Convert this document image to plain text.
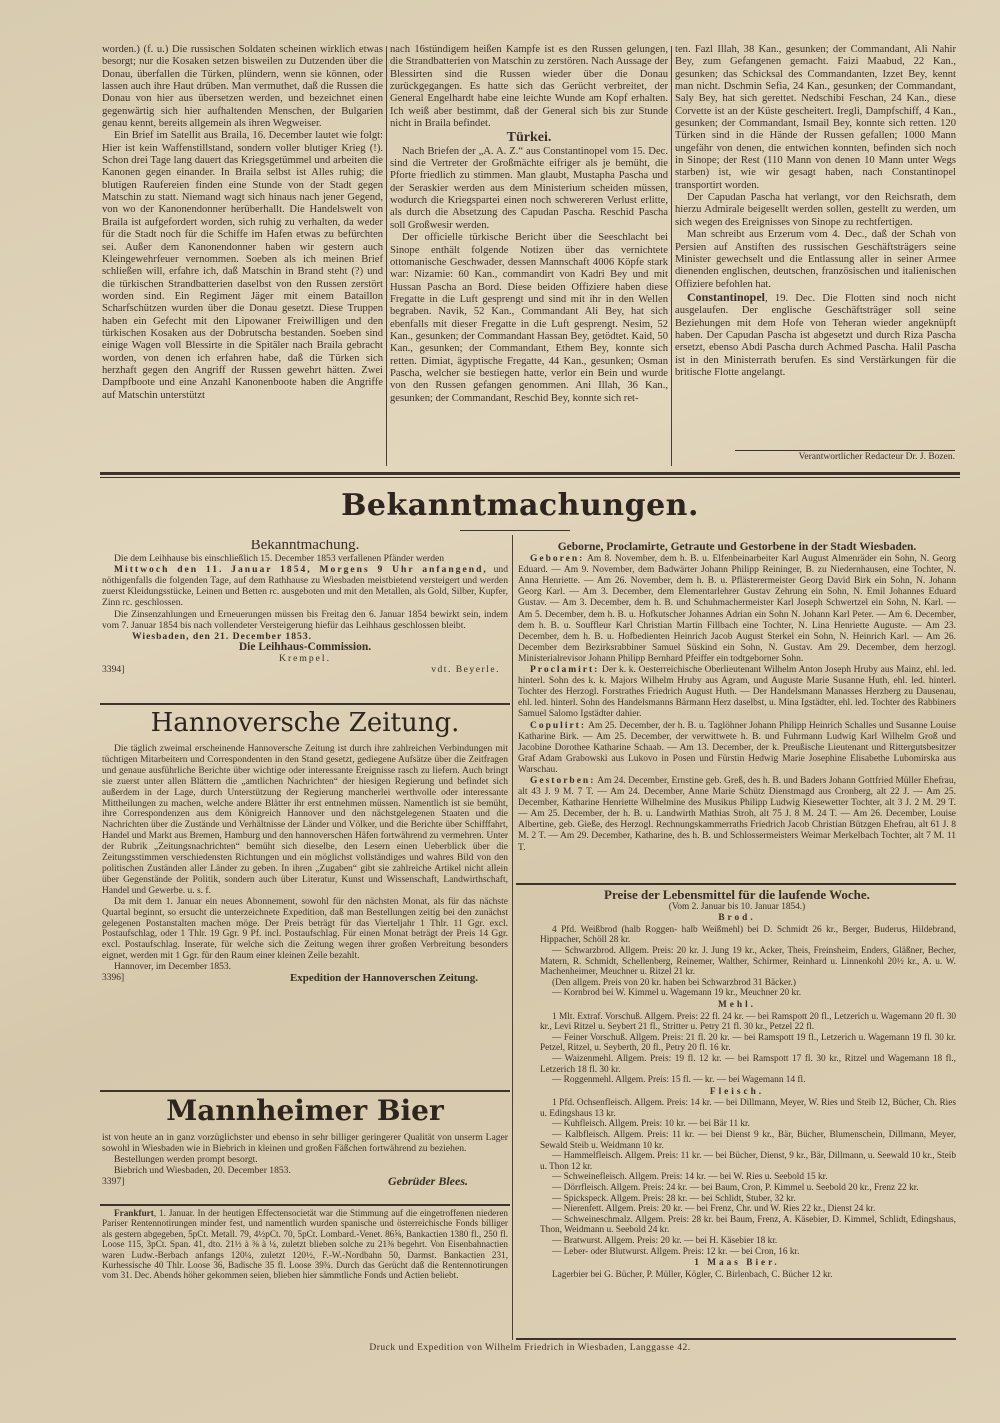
worden.) (f. u.) Die russischen Soldaten scheinen wirklich etwas besorgt; nur die Kosaken setzen bisweilen zu Dutzenden über die Donau, überfallen die Türken, plündern, wenn sie können, oder lassen auch ihre Haut drüben. Man vermuthet, daß die Russen die Donau von hier aus übersetzen werden, und bezeichnet einen gegenwärtig sich hier aufhaltenden Menschen, der Bulgarien genau kennt, bereits allgemein als ihren Wegweiser.

Ein Brief im Satellit aus Braila, 16. December lautet wie folgt: Hier ist kein Waffenstillstand, sondern voller blutiger Krieg (!). Schon drei Tage lang dauert das Kriegsgetümmel und arbeiten die Kanonen gegen einander. In Braila selbst ist Alles ruhig; die blutigen Raufereien finden eine Stunde von der Stadt gegen Matschin zu statt. Niemand wagt sich hinaus nach jener Gegend, von wo der Kanonendonner herüberhallt. Die Handelswelt von Braila ist aufgefordert worden, sich ruhig zu verhalten, da weder für die Stadt noch für die Schiffe im Hafen etwas zu befürchten sei. Außer dem Kanonendonner haben wir gestern auch Kleingewehrfeuer vernommen. Soeben als ich meinen Brief schließen will, erfahre ich, daß Matschin in Brand steht (?) und die türkischen Strandbatterien daselbst von den Russen zerstört worden sind. Ein Regiment Jäger mit einem Bataillon Scharfschützen wurden über die Donau gesetzt. Diese Truppen haben ein Gefecht mit den Lipowaner Freiwilligen und den türkischen Kosaken aus der Dobrutscha bestanden. Soeben sind einige Wagen voll Blessirte in die Spitäler nach Braila gebracht worden, von denen ich erfahren habe, daß die Türken sich herzhaft gegen den Angriff der Russen gewehrt hätten. Zwei Dampfboote und eine Anzahl Kanonenboote haben die Angriffe auf Matschin unterstützt

nach 16stündigem heißen Kampfe ist es den Russen gelungen, die Strandbatterien von Matschin zu zerstören. Nach Aussage der Blessirten sind die Russen wieder über die Donau zurückgegangen. Es hatte sich das Gerücht verbreitet, der General Engelhardt habe eine leichte Wunde am Kopf erhalten. Ich weiß aber bestimmt, daß der General sich bis zur Stunde nicht in Braila befindet.

Türkei.

Nach Briefen der „A. A. Z.“ aus Constantinopel vom 15. Dec. sind die Vertreter der Großmächte eifriger als je bemüht, die Pforte friedlich zu stimmen. Man glaubt, Mustapha Pascha und der Seraskier werden aus dem Ministerium scheiden müssen, wodurch die Kriegspartei einen noch schwereren Verlust erlitte, als durch die Absetzung des Capudan Pascha. Reschid Pascha soll Großwesir werden.

Der officielle türkische Bericht über die Seeschlacht bei Sinope enthält folgende Notizen über das vernichtete ottomanische Geschwader, dessen Mannschaft 4006 Köpfe stark war: Nizamie: 60 Kan., commandirt von Kadri Bey und mit Hussan Pascha an Bord. Diese beiden Offiziere haben diese Fregatte in die Luft gesprengt und sind mit ihr in den Wellen begraben. Navik, 52 Kan., Commandant Ali Bey, hat sich ebenfalls mit dieser Fregatte in die Luft gesprengt. Nesim, 52 Kan., gesunken; der Commandant Hassan Bey, getödtet. Kaid, 50 Kan., gesunken; der Commandant, Ethem Bey, konnte sich retten. Dimiat, ägyptische Fregatte, 44 Kan., gesunken; Osman Pascha, welcher sie bestiegen hatte, verlor ein Bein und wurde von den Russen gefangen genommen. Ani Illah, 36 Kan., gesunken; der Commandant, Reschid Bey, konnte sich ret-

ten. Fazl Illah, 38 Kan., gesunken; der Commandant, Ali Nahir Bey, zum Gefangenen gemacht. Faizi Maabud, 22 Kan., gesunken; das Schicksal des Commandanten, Izzet Bey, kennt man nicht. Dschmin Sefia, 24 Kan., gesunken; der Commandant, Saly Bey, hat sich gerettet. Nedschibi Feschan, 24 Kan., diese Corvette ist an der Küste gescheitert. Iregli, Dampfschiff, 4 Kan., gesunken; der Commandant, Ismail Bey, konnte sich retten. 120 Türken sind in die Hände der Russen gefallen; 1000 Mann ungefähr von denen, die entwichen konnten, befinden sich noch in Sinope; der Rest (110 Mann von denen 10 Mann unter Wegs starben) ist, wie wir gesagt haben, nach Constantinopel transportirt worden.

Der Capudan Pascha hat verlangt, vor den Reichsrath, dem hierzu Admirale beigesellt werden sollen, gestellt zu werden, um sich wegen des Ereignisses von Sinope zu rechtfertigen.

Man schreibt aus Erzerum vom 4. Dec., daß der Schah von Persien auf Anstiften des russischen Geschäftsträgers seine Minister gewechselt und die Entlassung aller in seiner Armee dienenden englischen, deutschen, französischen und italienischen Offiziere befohlen hat.

Constantinopel, 19. Dec. Die Flotten sind noch nicht ausgelaufen. Der englische Geschäftsträger soll seine Beziehungen mit dem Hofe von Teheran wieder angeknüpft haben. Der Capudan Pascha ist abgesetzt und durch Riza Pascha ersetzt, ebenso Abdi Pascha durch Achmed Pascha. Halil Pascha ist in den Ministerrath berufen. Es sind Verstärkungen für die britische Flotte angelangt.

Verantwortlicher Redacteur Dr. J. Bozen.
Bekanntmachungen.
Bekanntmachung.

Die dem Leihhause bis einschließlich 15. December 1853 verfallenen Pfänder werden

Mittwoch den 11. Januar 1854, Morgens 9 Uhr anfangend, und nöthigenfalls die folgenden Tage, auf dem Rathhause zu Wiesbaden meistbietend versteigert und werden zuerst Kleidungsstücke, Leinen und Betten rc. ausgeboten und mit den Metallen, als Gold, Silber, Kupfer, Zinn rc. geschlossen.

Die Zinsenzahlungen und Erneuerungen müssen bis Freitag den 6. Januar 1854 bewirkt sein, indem vom 7. Januar 1854 bis nach vollendeter Versteigerung hiefür das Leihhaus geschlossen bleibt.

Wiesbaden, den 21. December 1853.

Die Leihhaus-Commission.
Krempel.
3394]	vdt. Beyerle.
Hannoversche Zeitung.

Die täglich zweimal erscheinende Hannoversche Zeitung ist durch ihre zahlreichen Verbindungen mit tüchtigen Mitarbeitern und Correspondenten in den Stand gesetzt, gediegene Aufsätze über die Zeitfragen und genaue ausführliche Berichte über wichtige oder interessante Ereignisse rasch zu liefern. Auch bringt sie zuerst unter allen Blättern die „amtlichen Nachrichten“ der hiesigen Regierung und befindet sich außerdem in der Lage, durch Unterstützung der Regierung mancherlei werthvolle oder interessante Mittheilungen zu machen, welche andere Blätter ihr erst entnehmen müssen. Namentlich ist sie bemüht, ihre Correspondenzen aus dem Königreich Hannover und den nächstgelegenen Staaten und die Nachrichten über die Zustände und Verhältnisse der Länder und Völker, und die Berichte über Schifffahrt, Handel und Markt aus Bremen, Hamburg und den hannoverschen Häfen fortwährend zu vermehren. Unter der Rubrik „Zeitungsnachrichten“ bemüht sich dieselbe, den Lesern einen Ueberblick über die Zeitungsstimmen verschiedensten Richtungen und ein möglichst vollständiges und wahres Bild von den politischen Zuständen aller Länder zu geben. In ihren „Zugaben“ gibt sie zahlreiche Artikel nicht allein über Gegenstände der Politik, sondern auch über Literatur, Kunst und Wissenschaft, Landwirthschaft, Handel und Gewerbe. u. s. f.

Da mit dem 1. Januar ein neues Abonnement, sowohl für den nächsten Monat, als für das nächste Quartal beginnt, so ersucht die unterzeichnete Expedition, daß man Bestellungen zeitig bei den zunächst gelegenen Postanstalten machen möge. Der Preis beträgt für das Vierteljahr 1 Thlr. 11 Ggr. excl. Postaufschlag, oder 1 Thlr. 19 Ggr. 9 Pf. incl. Postaufschlag. Für einen Monat beträgt der Preis 14 Ggr. excl. Postaufschlag. Inserate, für welche sich die Zeitung wegen ihrer großen Verbreitung besonders eignet, werden mit 1 Ggr. für den Raum einer kleinen Zeile bezahlt.

Hannover, im December 1853.

3396]	Expedition der Hannoverschen Zeitung.
Mannheimer Bier

ist von heute an in ganz vorzüglichster und ebenso in sehr billiger geringerer Qualität von unserm Lager sowohl in Wiesbaden wie in Biebrich in kleinen und großen Fäßchen fortwährend zu beziehen.

Bestellungen werden prompt besorgt.

Biebrich und Wiesbaden, 20. December 1853.

3397]	Gebrüder Blees.

Frankfurt, 1. Januar. In der heutigen Effectensocietät war die Stimmung auf die eingetroffenen niederen Pariser Rentennotirungen minder fest, und namentlich wurden spanische und österreichische Fonds billiger als gestern abgegeben, 5pCt. Metall. 79, 4½pCt. 70, 5pCt. Lombard.-Venet. 86⅝, Bankactien 1380 fl., 250 fl. Loose 115, 3pCt. Span. 41, dto. 21½ à ⅜ à ¼, zuletzt blieben solche zu 21⅜ begehrt. Von Eisenbahnactien waren Ludw.-Berbach anfangs 120¼, zuletzt 120½, F.-W.-Nordbahn 50, Darmst. Bankactien 231, Kurhessische 40 Thlr. Loose 36, Badische 35 fl. Loose 39¾. Durch das Gerücht daß die Rentennotirungen vom 31. Dec. Abends höher gekommen seien, blieben hier sämmtliche Fonds und Actien beliebt.

Geborne, Proclamirte, Getraute und Gestorbene in der Stadt Wiesbaden.

Geboren: Am 8. November, dem h. B. u. Elfenbeinarbeiter Karl August Almenräder ein Sohn, N. Georg Eduard. — Am 9. November, dem Badwärter Johann Philipp Reininger, B. zu Niedernhausen, eine Tochter, N. Anna Henriette. — Am 26. November, dem h. B. u. Pflästerermeister Georg David Birk ein Sohn, N. Johann Georg Karl. — Am 3. December, dem Elementarlehrer Gustav Zehrung ein Sohn, N. Emil Johannes Eduard Gustav. — Am 3. December, dem h. B. und Schuhmachermeister Karl Joseph Schwertzel ein Sohn, N. Karl. — Am 5. December, dem h. B. u. Hofkutscher Johannes Adrian ein Sohn N. Johann Karl Peter. — Am 6. December, dem h. B. u. Souffleur Karl Christian Martin Fillbach eine Tochter, N. Lina Henriette Auguste. — Am 23. December, dem h. B. u. Hofbedienten Heinrich Jacob August Sterkel ein Sohn, N. Heinrich Karl. — Am 26. December dem Bezirksrabbiner Samuel Süskind ein Sohn, N. Gustav. Am 29. December, dem herzogl. Ministerialrevisor Johann Philipp Bernhard Pfeiffer ein todtgeborner Sohn.

Proclamirt: Der k. k. Oesterreichische Oberlieutenant Wilhelm Anton Joseph Hruby aus Mainz, ehl. led. hinterl. Sohn des k. k. Majors Wilhelm Hruby aus Agram, und Auguste Marie Susanne Huth, ehl. led. hinterl. Tochter des Herzogl. Forstrathes Friedrich August Huth. — Der Handelsmann Manasses Herzberg zu Dausenau, ehl. led. hinterl. Sohn des Handelsmanns Bärmann Herz daselbst, u. Mina Igstädter, ehl. led. Tochter des Rabbiners Samuel Salomo Igstädter dahier.

Copulirt: Am 25. December, der h. B. u. Taglöhner Johann Philipp Heinrich Schalles und Susanne Louise Katharine Birk. — Am 25. December, der verwittwete h. B. und Fuhrmann Ludwig Karl Wilhelm Groß und Jacobine Dorothee Katharine Schaab. — Am 13. December, der k. Preußische Lieutenant und Rittergutsbesitzer Graf Adam Grabowski aus Lukovo in Posen und Fürstin Hedwig Marie Josephine Elisabethe Lubomirska aus Warschau.

Gestorben: Am 24. December, Ernstine geb. Greß, des h. B. und Baders Johann Gottfried Müller Ehefrau, alt 43 J. 9 M. 7 T. — Am 24. December, Anne Marie Schütz Dienstmagd aus Cronberg, alt 22 J. — Am 25. December, Katharine Henriette Wilhelmine des Musikus Philipp Ludwig Kiesewetter Tochter, alt 3 J. 2 M. 29 T. — Am 25. December, der h. B. u. Landwirth Mathias Stroh, alt 75 J. 8 M. 24 T. — Am 26. December, Louise Albertine, geb. Gieße, des Herzogl. Rechnungskammerraths Friedrich Jacob Christian Bützgen Ehefrau, alt 61 J. 8 M. 2 T. — Am 29. December, Katharine, des h. B. und Schlossermeisters Weimar Merkelbach Tochter, alt 7 M. 11 T.

Preise der Lebensmittel für die laufende Woche.
(Vom 2. Januar bis 10. Januar 1854.)
Brod.

4 Pfd. Weißbrod (halb Roggen- halb Weißmehl) bei D. Schmidt 26 kr., Berger, Buderus, Hildebrand, Hippacher, Schöll 28 kr.

— Schwarzbrod. Allgem. Preis: 20 kr. J. Jung 19 kr., Acker, Theis, Freinsheim, Enders, Gläßner, Becher, Matern, R. Schmidt, Schellenberg, Reinemer, Walther, Schirmer, Reinhard u. Linnenkohl 20½ kr., A. u. W. Machenheimer, Meuchner u. Ritzel 21 kr.

(Den allgem. Preis von 20 kr. haben bei Schwarzbrod 31 Bäcker.)

— Kornbrod bei W. Kimmel u. Wagemann 19 kr., Meuchner 20 kr.

Mehl.

1 Mlt. Extraf. Vorschuß. Allgem. Preis: 22 fl. 24 kr. — bei Ramspott 20 fl., Letzerich u. Wagemann 20 fl. 30 kr., Levi Ritzel u. Seybert 21 fl., Stritter u. Petry 21 fl. 30 kr., Petzel 22 fl.

— Feiner Vorschuß. Allgem. Preis: 21 fl. 20 kr. — bei Ramspott 19 fl., Letzerich u. Wagemann 19 fl. 30 kr. Petzel, Ritzel, u. Seyberth, 20 fl., Petry 20 fl. 16 kr.

— Waizenmehl. Allgem. Preis: 19 fl. 12 kr. — bei Ramspott 17 fl. 30 kr., Ritzel und Wagemann 18 fl., Letzerich 18 fl. 30 kr.

— Roggenmehl. Allgem. Preis: 15 fl. — kr. — bei Wagemann 14 fl.

Fleisch.

1 Pfd. Ochsenfleisch. Allgem. Preis: 14 kr. — bei Dillmann, Meyer, W. Ries und Steib 12, Bücher, Ch. Ries u. Edingshaus 13 kr.

— Kuhfleisch. Allgem. Preis: 10 kr. — bei Bär 11 kr.

— Kalbfleisch. Allgem. Preis: 11 kr. — bei Dienst 9 kr., Bär, Bücher, Blumenschein, Dillmann, Meyer, Sewald Steib u. Weidmann 10 kr.

— Hammelfleisch. Allgem. Preis: 11 kr. — bei Bücher, Dienst, 9 kr., Bär, Dillmann, u. Seewald 10 kr., Steib u. Thon 12 kr.

— Schweinefleisch. Allgem. Preis: 14 kr. — bei W. Ries u. Seebold 15 kr.

— Dörrfleisch. Allgem. Preis: 24 kr. — bei Baum, Cron, P. Kimmel u. Seebold 20 kr., Frenz 22 kr.

— Spickspeck. Allgem. Preis: 28 kr. — bei Schlidt, Stuber, 32 kr.

— Nierenfett. Allgem. Preis: 20 kr. — bei Frenz, Chr. und W. Ries 22 kr., Dienst 24 kr.

— Schweineschmalz. Allgem. Preis: 28 kr. bei Baum, Frenz, A. Käsebier, D. Kimmel, Schlidt, Edingshaus, Thon, Weidmann u. Seebold 24 kr.

— Bratwurst. Allgem. Preis: 20 kr. — bei H. Käsebier 18 kr.

— Leber- oder Blutwurst. Allgem. Preis: 12 kr. — bei Cron, 16 kr.

1 Maas Bier.

Lagerbier bei G. Bücher, P. Müller, Kögler, C. Birlenbach, C. Bücher 12 kr.

Druck und Expedition von Wilhelm Friedrich in Wiesbaden, Langgasse 42.
